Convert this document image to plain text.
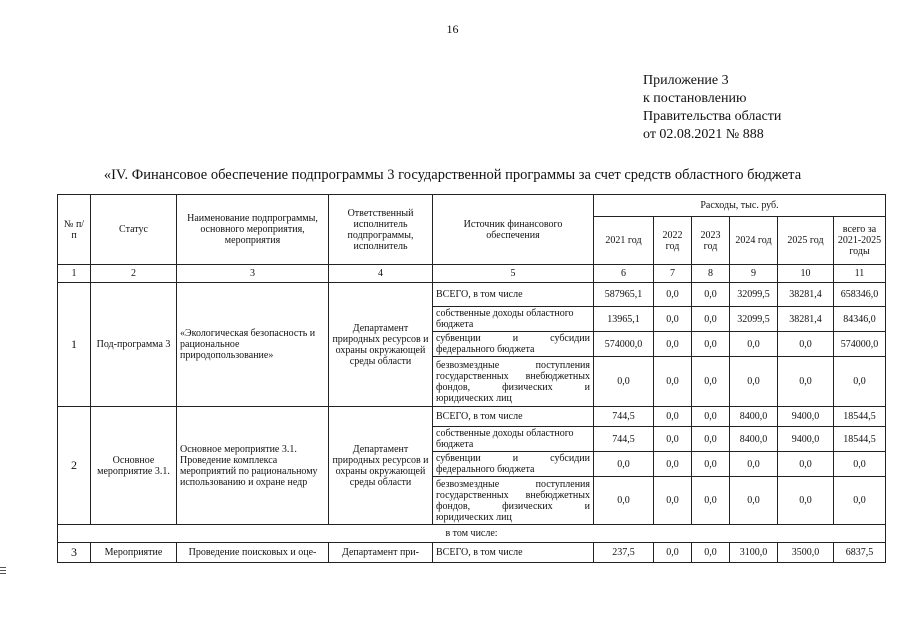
16
Приложение 3
к постановлению
Правительства области
от 02.08.2021 № 888
«IV. Финансовое обеспечение подпрограммы 3 государственной программы за счет средств областного бюджета
№ п/ п	Статус	Наименование подпрограммы, основного мероприятия, мероприятия	Ответственный исполнитель подпрограммы, исполнитель	Источник финансового обеспечения	Расходы, тыс. руб.					
					2021 год	2022 год	2023 год	2024 год	2025 год	всего за 2021-2025 годы
1	2	3	4	5	6	7	8	9	10	11
1	Под-программа 3	«Экологическая безопасность и рациональное природопользование»	Департамент природных ресурсов и охраны окружающей среды области	ВСЕГО, в том числе	587965,1	0,0	0,0	32099,5	38281,4	658346,0
				собственные доходы областного бюджета	13965,1	0,0	0,0	32099,5	38281,4	84346,0
				субвенции и субсидии федерального бюджета	574000,0	0,0	0,0	0,0	0,0	574000,0
				безвозмездные поступления государственных внебюджетных фондов, физических и юридических лиц	0,0	0,0	0,0	0,0	0,0	0,0
2	Основное мероприятие 3.1.	Основное мероприятие 3.1. Проведение комплекса мероприятий по рациональному использованию и охране недр	Департамент природных ресурсов и охраны окружающей среды области	ВСЕГО, в том числе	744,5	0,0	0,0	8400,0	9400,0	18544,5
				собственные доходы областного бюджета	744,5	0,0	0,0	8400,0	9400,0	18544,5
				субвенции и субсидии федерального бюджета	0,0	0,0	0,0	0,0	0,0	0,0
				безвозмездные поступления государственных внебюджетных фондов, физических и юридических лиц	0,0	0,0	0,0	0,0	0,0	0,0
в том числе:										
3	Мероприятие	Проведение поисковых и оце-	Департамент при-	ВСЕГО, в том числе	237,5	0,0	0,0	3100,0	3500,0	6837,5
